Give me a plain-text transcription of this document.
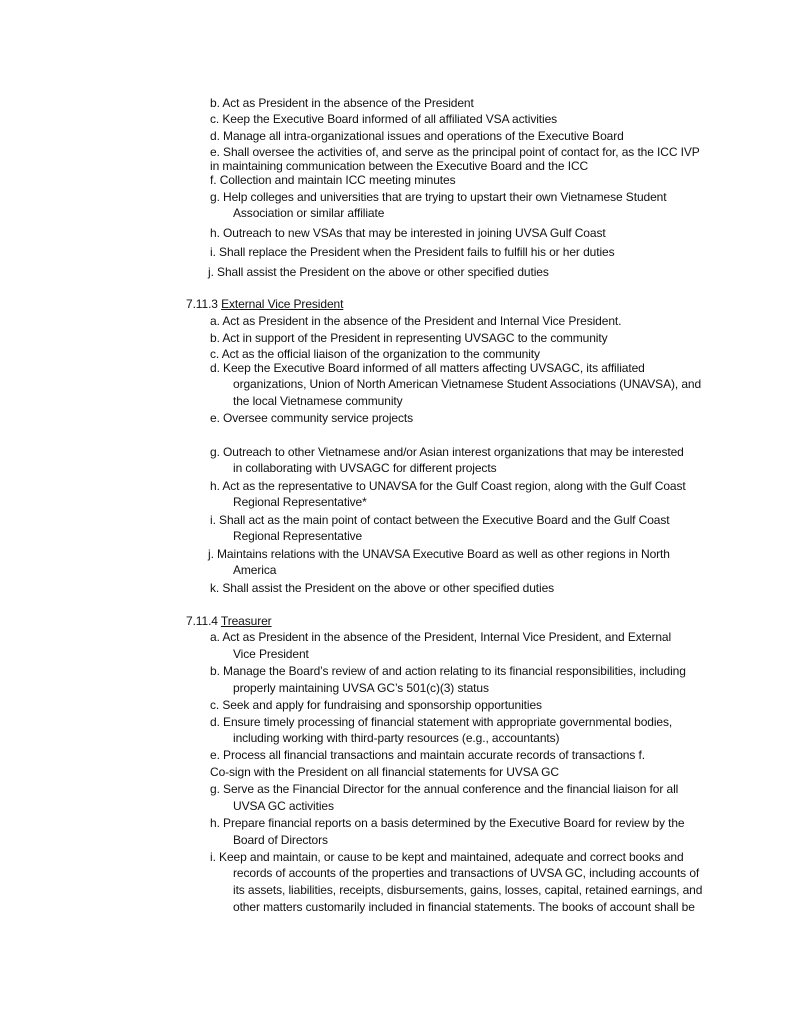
b. Act as President in the absence of the President
c. Keep the Executive Board informed of all affiliated VSA activities
d. Manage all intra-organizational issues and operations of the Executive Board
e. Shall oversee the activities of, and serve as the principal point of contact for, as the ICC IVP
in maintaining communication between the Executive Board and the ICC
f. Collection and maintain ICC meeting minutes
g. Help colleges and universities that are trying to upstart their own Vietnamese Student
Association or similar affiliate
h. Outreach to new VSAs that may be interested in joining UVSA Gulf Coast
i. Shall replace the President when the President fails to fulfill his or her duties
j. Shall assist the President on the above or other specified duties
7.11.3 External Vice President
a. Act as President in the absence of the President and Internal Vice President.
b. Act in support of the President in representing UVSAGC to the community
c. Act as the official liaison of the organization to the community
d. Keep the Executive Board informed of all matters affecting UVSAGC, its affiliated
organizations, Union of North American Vietnamese Student Associations (UNAVSA), and
the local Vietnamese community
e. Oversee community service projects
g. Outreach to other Vietnamese and/or Asian interest organizations that may be interested
in collaborating with UVSAGC for different projects
h. Act as the representative to UNAVSA for the Gulf Coast region, along with the Gulf Coast
Regional Representative*
i. Shall act as the main point of contact between the Executive Board and the Gulf Coast
Regional Representative
j. Maintains relations with the UNAVSA Executive Board as well as other regions in North
America
k. Shall assist the President on the above or other specified duties
7.11.4 Treasurer
a. Act as President in the absence of the President, Internal Vice President, and External
Vice President
b. Manage the Board’s review of and action relating to its financial responsibilities, including
properly maintaining UVSA GC’s 501(c)(3) status
c. Seek and apply for fundraising and sponsorship opportunities
d. Ensure timely processing of financial statement with appropriate governmental bodies,
including working with third-party resources (e.g., accountants)
e. Process all financial transactions and maintain accurate records of transactions f.
Co-sign with the President on all financial statements for UVSA GC
g. Serve as the Financial Director for the annual conference and the financial liaison for all
UVSA GC activities
h. Prepare financial reports on a basis determined by the Executive Board for review by the
Board of Directors
i. Keep and maintain, or cause to be kept and maintained, adequate and correct books and
records of accounts of the properties and transactions of UVSA GC, including accounts of
its assets, liabilities, receipts, disbursements, gains, losses, capital, retained earnings, and
other matters customarily included in financial statements. The books of account shall be
